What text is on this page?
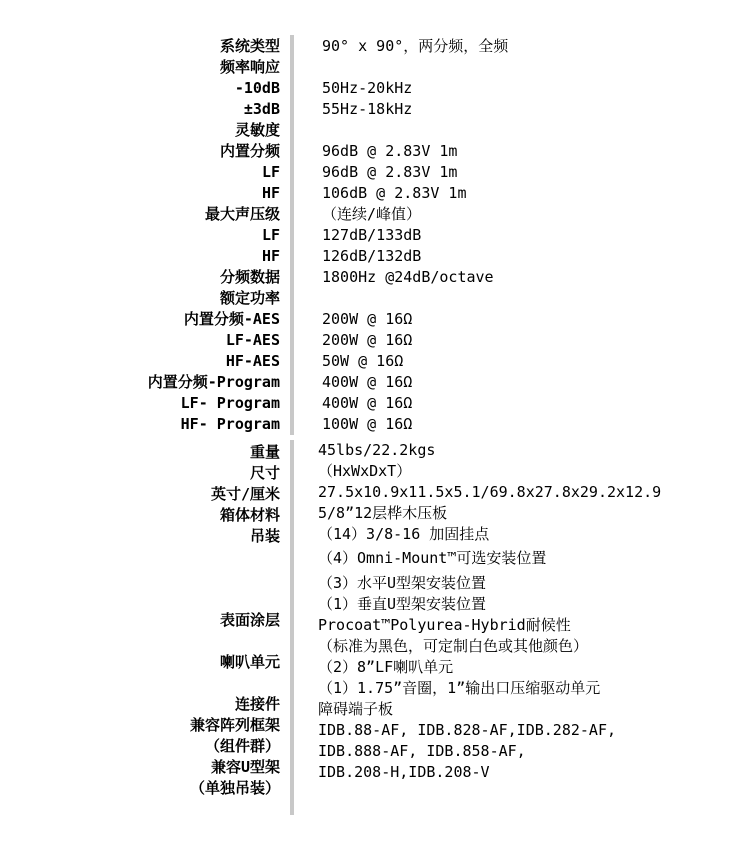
系统类型
频率响应
-10dB
±3dB
灵敏度
内置分频
LF
HF
最大声压级
LF
HF
分频数据
额定功率
内置分频-AES
LF-AES
HF-AES
内置分频-Program
LF- Program
HF- Program
90° x 90°，两分频，全频
50Hz-20kHz
55Hz-18kHz
96dB @ 2.83V 1m
96dB @ 2.83V 1m
106dB @ 2.83V 1m
（连续/峰值）
127dB/133dB
126dB/132dB
1800Hz @24dB/octave
200W @ 16Ω
200W @ 16Ω
50W @ 16Ω
400W @ 16Ω
400W @ 16Ω
100W @ 16Ω
重量
尺寸
英寸/厘米
箱体材料
吊装
表面涂层
喇叭单元
连接件
兼容阵列框架
（组件群）
兼容U型架
（单独吊装）
45lbs/22.2kgs
（HxWxDxT）
27.5x10.9x11.5x5.1/69.8x27.8x29.2x12.9
5/8”12层桦木压板
（14）3/8-16 加固挂点
（4）Omni-Mount™可选安装位置
（3）水平U型架安装位置
（1）垂直U型架安装位置
Procoat™Polyurea-Hybrid耐候性
（标准为黑色，可定制白色或其他颜色）
（2）8”LF喇叭单元
（1）1.75”音圈，1”输出口压缩驱动单元
障碍端子板
IDB.88-AF, IDB.828-AF,IDB.282-AF,
IDB.888-AF, IDB.858-AF,
IDB.208-H,IDB.208-V
